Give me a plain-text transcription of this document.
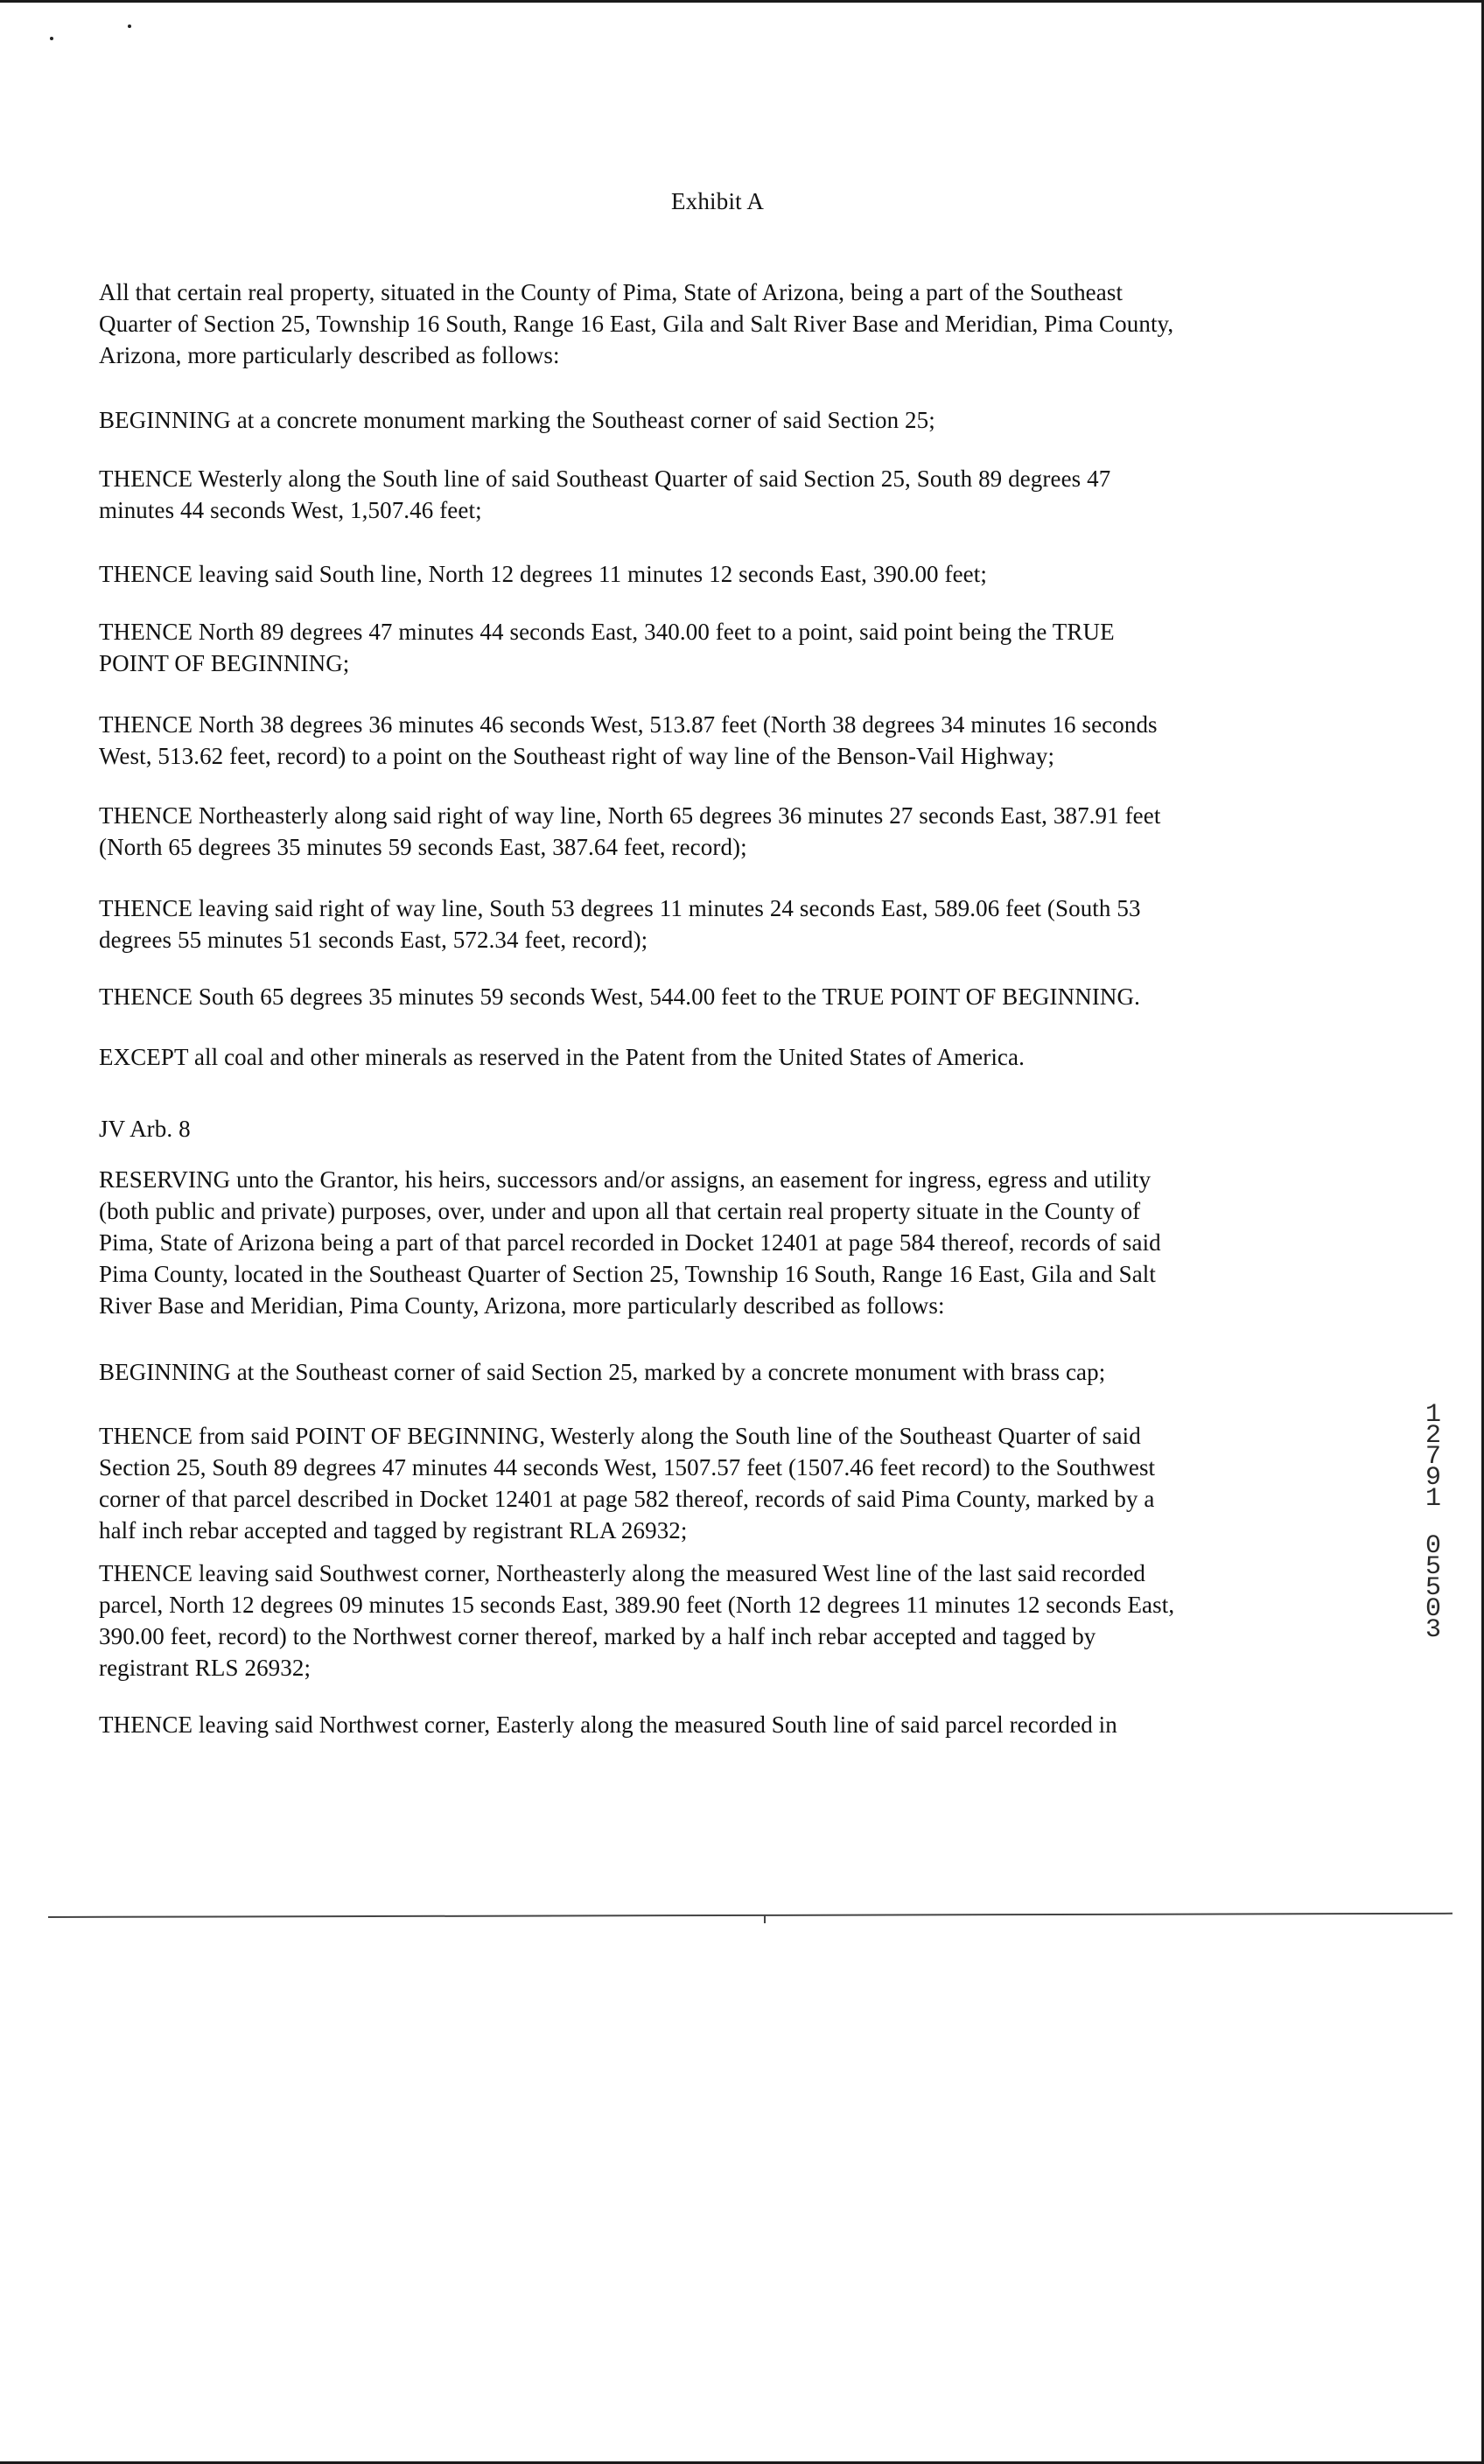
Exhibit A
All that certain real property, situated in the County of Pima, State of Arizona, being a part of the Southeast
Quarter of Section 25, Township 16 South, Range 16 East, Gila and Salt River Base and Meridian, Pima County,
Arizona, more particularly described as follows:
BEGINNING at a concrete monument marking the Southeast corner of said Section 25;
THENCE Westerly along the South line of said Southeast Quarter of said Section 25, South 89 degrees 47
minutes 44 seconds West, 1,507.46 feet;
THENCE leaving said South line, North 12 degrees 11 minutes 12 seconds East, 390.00 feet;
THENCE North 89 degrees 47 minutes 44 seconds East, 340.00 feet to a point, said point being the TRUE
POINT OF BEGINNING;
THENCE North 38 degrees 36 minutes 46 seconds West, 513.87 feet (North 38 degrees 34 minutes 16 seconds
West, 513.62 feet, record) to a point on the Southeast right of way line of the Benson-Vail Highway;
THENCE Northeasterly along said right of way line, North 65 degrees 36 minutes 27 seconds East, 387.91 feet
(North 65 degrees 35 minutes 59 seconds East, 387.64 feet, record);
THENCE leaving said right of way line, South 53 degrees 11 minutes 24 seconds East, 589.06 feet (South 53
degrees 55 minutes 51 seconds East, 572.34 feet, record);
THENCE South 65 degrees 35 minutes 59 seconds West, 544.00 feet to the TRUE POINT OF BEGINNING.
EXCEPT all coal and other minerals as reserved in the Patent from the United States of America.
JV Arb. 8
RESERVING unto the Grantor, his heirs, successors and/or assigns, an easement for ingress, egress and utility
(both public and private) purposes, over, under and upon all that certain real property situate in the County of
Pima, State of Arizona being a part of that parcel recorded in Docket 12401 at page 584 thereof, records of said
Pima County, located in the Southeast Quarter of Section 25, Township 16 South, Range 16 East, Gila and Salt
River Base and Meridian, Pima County, Arizona, more particularly described as follows:
BEGINNING at the Southeast corner of said Section 25, marked by a concrete monument with brass cap;
THENCE from said POINT OF BEGINNING, Westerly along the South line of the Southeast Quarter of said
Section 25, South 89 degrees 47 minutes 44 seconds West, 1507.57 feet (1507.46 feet record) to the Southwest
corner of that parcel described in Docket 12401 at page 582 thereof, records of said Pima County, marked by a
half inch rebar accepted and tagged by registrant RLA 26932;
THENCE leaving said Southwest corner, Northeasterly along the measured West line of the last said recorded
parcel, North 12 degrees 09 minutes 15 seconds East, 389.90 feet (North 12 degrees 11 minutes 12 seconds East,
390.00 feet, record) to the Northwest corner thereof, marked by a half inch rebar accepted and tagged by
registrant RLS 26932;
THENCE leaving said Northwest corner, Easterly along the measured South line of said parcel recorded in
1
2
7
9
1
0
5
5
0
3
